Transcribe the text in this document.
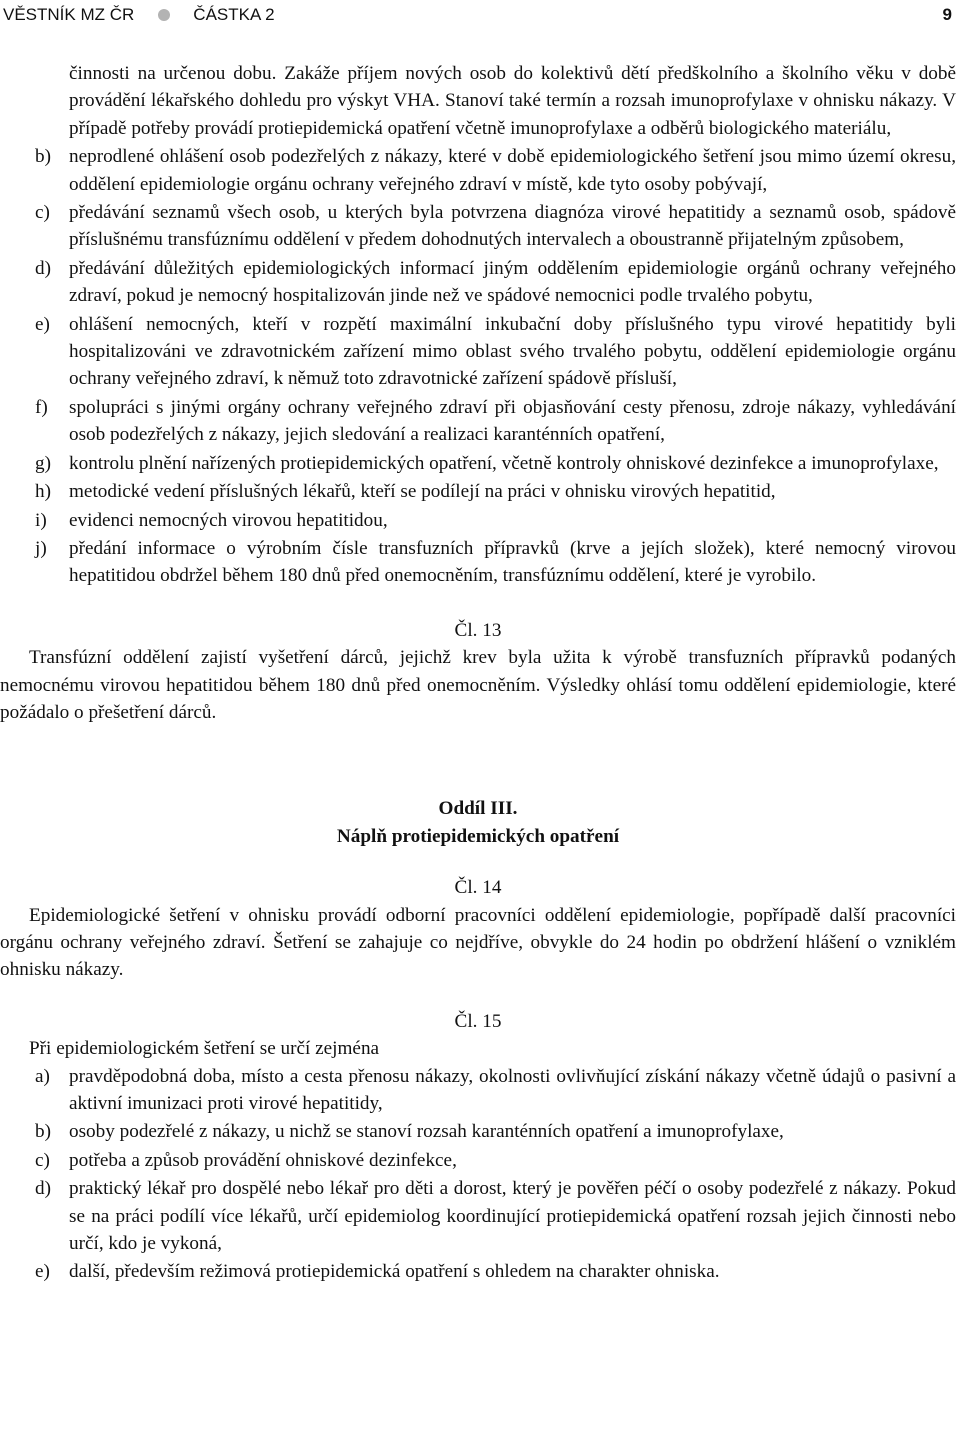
VĚSTNÍK MZ ČR	ČÁSTKA 2	9
činnosti na určenou dobu. Zakáže příjem nových osob do kolektivů dětí předškolního a školního věku v době provádění lékařského dohledu pro výskyt VHA. Stanoví také termín a rozsah imunoprofylaxe v ohnisku nákazy. V případě potřeby provádí protiepidemická opatření včetně imunoprofylaxe a odběrů biologického materiálu,
b) neprodlené ohlášení osob podezřelých z nákazy, které v době epidemiologického šetření jsou mimo území okresu, oddělení epidemiologie orgánu ochrany veřejného zdraví v místě, kde tyto osoby pobývají,
c) předávání seznamů všech osob, u kterých byla potvrzena diagnóza virové hepatitidy a seznamů osob, spádově příslušnému transfúznímu oddělení v předem dohodnutých intervalech a oboustranně přijatelným způsobem,
d) předávání důležitých epidemiologických informací jiným oddělením epidemiologie orgánů ochrany veřejného zdraví, pokud je nemocný hospitalizován jinde než ve spádové nemocnici podle trvalého pobytu,
e) ohlášení nemocných, kteří v rozpětí maximální inkubační doby příslušného typu virové hepatitidy byli hospitalizováni ve zdravotnickém zařízení mimo oblast svého trvalého pobytu, oddělení epidemiologie orgánu ochrany veřejného zdraví, k němuž toto zdravotnické zařízení spádově přísluší,
f) spolupráci s jinými orgány ochrany veřejného zdraví při objasňování cesty přenosu, zdroje nákazy, vyhledávání osob podezřelých z nákazy, jejich sledování a realizaci karanténních opatření,
g) kontrolu plnění nařízených protiepidemických opatření, včetně kontroly ohniskové dezinfekce a imunoprofylaxe,
h) metodické vedení příslušných lékařů, kteří se podílejí na práci v ohnisku virových hepatitid,
i) evidenci nemocných virovou hepatitidou,
j) předání informace o výrobním čísle transfuzních přípravků (krve a jejích složek), které nemocný virovou hepatitidou obdržel během 180 dnů před onemocněním, transfúznímu oddělení, které je vyrobilo.
Čl. 13
Transfúzní oddělení zajistí vyšetření dárců, jejichž krev byla užita k výrobě transfuzních přípravků podaných nemocnému virovou hepatitidou během 180 dnů před onemocněním. Výsledky ohlásí tomu oddělení epidemiologie, které požádalo o přešetření dárců.
Oddíl III.
Náplň protiepidemických opatření
Čl. 14
Epidemiologické šetření v ohnisku provádí odborní pracovníci oddělení epidemiologie, popřípadě další pracovníci orgánu ochrany veřejného zdraví. Šetření se zahajuje co nejdříve, obvykle do 24 hodin po obdržení hlášení o vzniklém ohnisku nákazy.
Čl. 15
Při epidemiologickém šetření se určí zejména
a) pravděpodobná doba, místo a cesta přenosu nákazy, okolnosti ovlivňující získání nákazy včetně údajů o pasivní a aktivní imunizaci proti virové hepatitidy,
b) osoby podezřelé z nákazy, u nichž se stanoví rozsah karanténních opatření a imunoprofylaxe,
c) potřeba a způsob provádění ohniskové dezinfekce,
d) praktický lékař pro dospělé nebo lékař pro děti a dorost, který je pověřen péčí o osoby podezřelé z nákazy. Pokud se na práci podílí více lékařů, určí epidemiolog koordinující protiepidemická opatření rozsah jejich činnosti nebo určí, kdo je vykoná,
e) další, především režimová protiepidemická opatření s ohledem na charakter ohniska.
